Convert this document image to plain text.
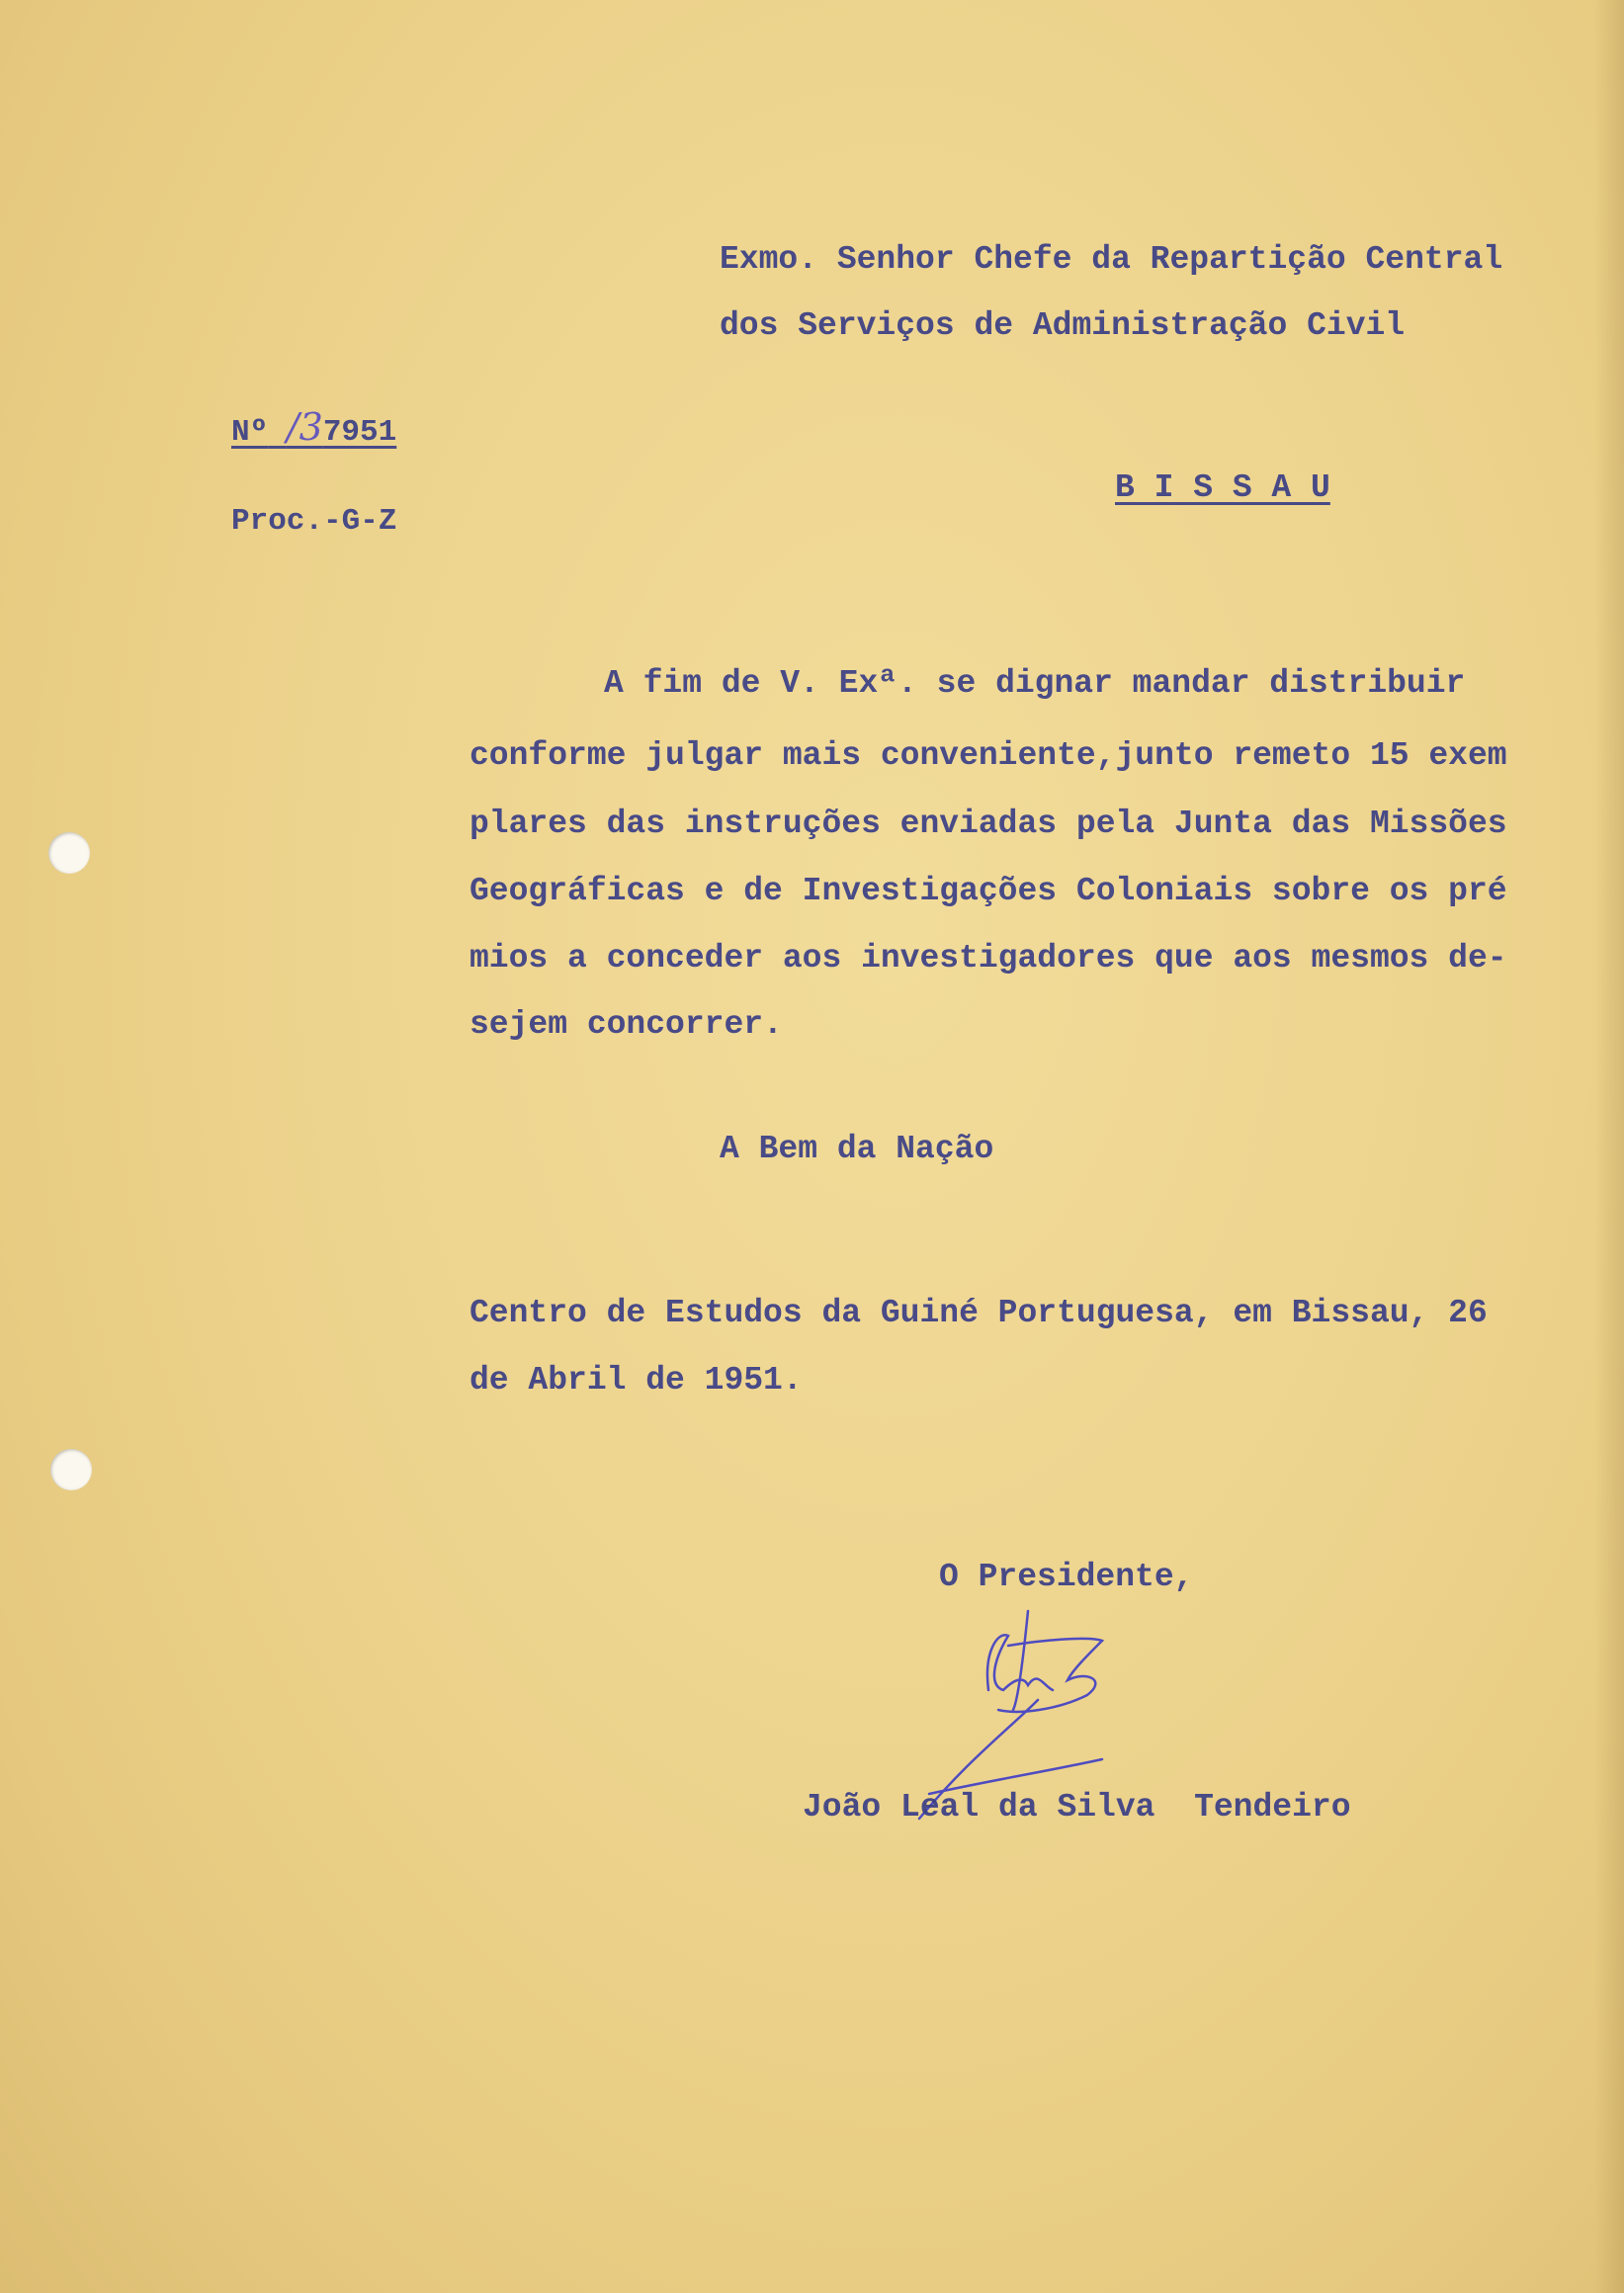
Exmo. Senhor Chefe da Repartição Central
dos Serviços de Administração Civil
Nº /37951
Proc.-G-Z
B I S S A U
A fim de V. Exª. se dignar mandar distribuir
conforme julgar mais conveniente,junto remeto 15 exem
plares das instruções enviadas pela Junta das Missões
Geográficas e de Investigações Coloniais sobre os pré
mios a conceder aos investigadores que aos mesmos de-
sejem concorrer.
A Bem da Nação
Centro de Estudos da Guiné Portuguesa, em Bissau, 26
de Abril de 1951.
O Presidente,
João Leal da Silva Tendeiro
